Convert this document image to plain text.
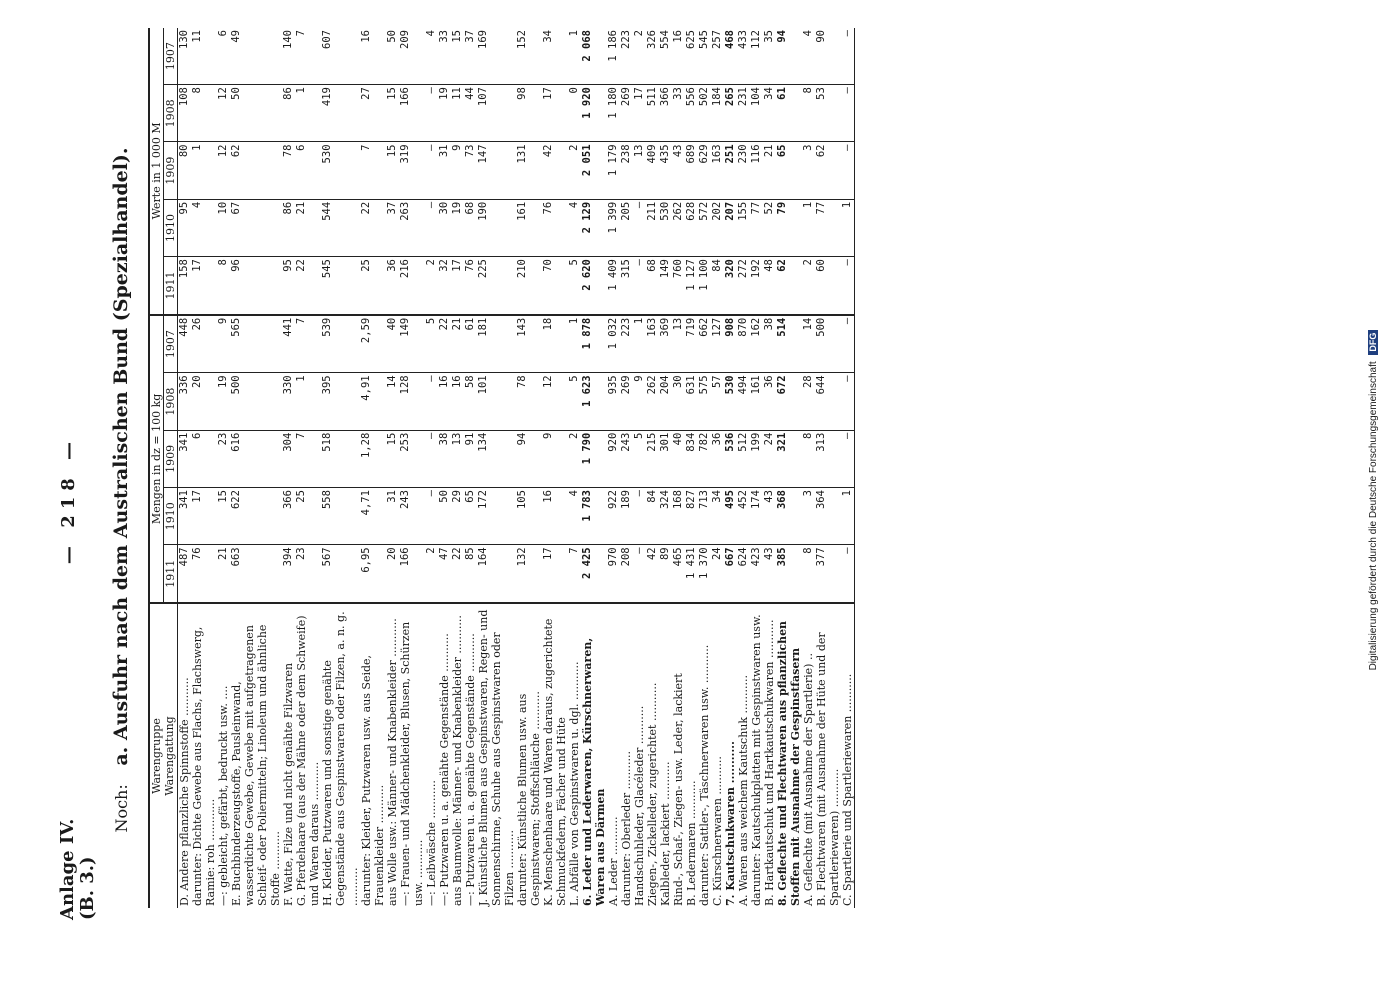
Anlage IV. (B. 3.)
— 218 —
Noch: a. Ausfuhr nach dem Australischen Bund (Spezialhandel). Warengruppe Warengattung	Mengen in dz = 100 kg					Werte in 1 000 M				
	1911	1910	1909	1908	1907	1911	1910	1909	1908	1907
D. Andere pflanzliche Spinnstoffe ...........	487	341	341	336	448	158	95	80	108	130
darunter: Dichte Gewebe aus Flachs, Flachswerg, Ramie: roh ............	76	17	6	20	26	17	4	1	8	11
—: gebleicht, gefärbt, bedruckt usw. ....	21	15	23	19	9	8	10	12	12	6
E. Buchbinderzeugstoffe, Pausleinwand, wasserdichte Gewebe, Gewebe mit aufgetragenen Schleif- oder Poliermitteln; Linoleum und ähnliche Stoffe ...........	663	622	616	500	565	96	67	62	50	49
F. Watte, Filze und nicht genähte Filzwaren	394	366	304	330	441	95	86	78	86	140
G. Pferdehaare (aus der Mähne oder dem Schweife) und Waren daraus ...........	23	25	7	1	7	22	21	6	1	7
H. Kleider, Putzwaren und sonstige genähte Gegenstände aus Gespinstwaren oder Filzen, a. n. g. ...........	567	558	518	395	539	545	544	530	419	607
darunter: Kleider, Putzwaren usw. aus Seide, Frauenkleider ...........	6,95	4,71	1,28	4,91	2,59	25	22	7	27	16
aus Wolle usw.: Männer- und Knabenkleider ...........	20	31	15	14	40	36	37	15	15	50
—: Frauen- und Mädchenkleider, Blusen, Schürzen usw. ...........	166	243	253	128	149	216	263	319	166	209
—: Leibwäsche ...........	2	—	—	—	5	2	—	—	—	4
—: Putzwaren u. a. genähte Gegenstände ...........	47	50	38	16	22	32	30	31	19	33
aus Baumwolle: Männer- und Knabenkleider ...........	22	29	13	16	21	17	19	9	11	15
—: Putzwaren u. a. genähte Gegenstände ...........	85	65	91	58	61	76	68	73	44	37
J. Künstliche Blumen aus Gespinstwaren, Regen- und Sonnenschirme, Schuhe aus Gespinstwaren oder Filzen ...........	164	172	134	101	181	225	190	147	107	169
darunter: Künstliche Blumen usw. aus Gespinstwaren; Stoffschläuche ...........	132	105	94	78	143	210	161	131	98	152
K. Menschenhaare und Waren daraus, zugerichtete Schmuckfedern, Fächer und Hüte	17	16	9	12	18	70	76	42	17	34
L. Abfälle von Gespinstwaren u. dgl. ...........	7	4	2	5	1	5	4	2	0	1
6. Leder und Lederwaren, Kürschnerwaren, Waren aus Därmen	2 425	1 783	1 790	1 623	1 878	2 620	2 129	2 051	1 920	2 068
A. Leder ...........	970	922	920	935	1 032	1 409	1 399	1 179	1 180	1 186
darunter: Oberleder ...........	208	189	243	269	223	315	205	238	269	223
Handschuhleder, Glacéleder ...........	—	—	5	9	1	—	—	13	17	2
Ziegen-, Zickelleder, zugerichtet ...........	42	84	215	262	163	68	211	409	511	326
Kalbleder, lackiert ...........	89	324	301	204	369	149	530	435	366	554
Rind-, Schaf-, Ziegen- usw. Leder, lackiert	465	168	40	30	13	760	262	43	33	16
B. Ledermaren ...........	1 431	827	834	631	719	1 127	628	689	556	625
darunter: Sattler-, Täschnerwaren usw. ...........	1 370	713	782	575	662	1 100	572	629	502	545
C. Kürschnerwaren ...........	24	34	36	57	127	84	202	163	184	257
7. Kautschukwaren ...........	667	495	536	530	908	320	207	251	265	468
A. Waren aus weichem Kautschuk ...........	624	452	512	494	870	272	155	230	231	433
darunter: Kautschukplatten mit Gespinstwaren usw.	423	174	199	161	162	192	77	116	104	112
B. Hartkautschuk und Hartkautschukwaren ...........	43	43	24	36	38	48	52	21	34	35
8. Geflechte und Flechtwaren aus pflanzlichen Stoffen mit Ausnahme der Gespinstfasern	385	368	321	672	514	62	79	65	61	94
A. Geflechte (mit Ausnahme der Spartlerie) ..	8	3	8	28	14	2	1	3	8	4
B. Flechtwaren (mit Ausnahme der Hüte und der Spartleriewaren) ...........	377	364	313	644	500	60	77	62	53	90
C. Spartlerie und Spartleriewaren ...........	—	1	—	—	—	—	1	—	—	—
Digitalisierung gefördert durch die Deutsche Forschungsgemeinschaft DFG
